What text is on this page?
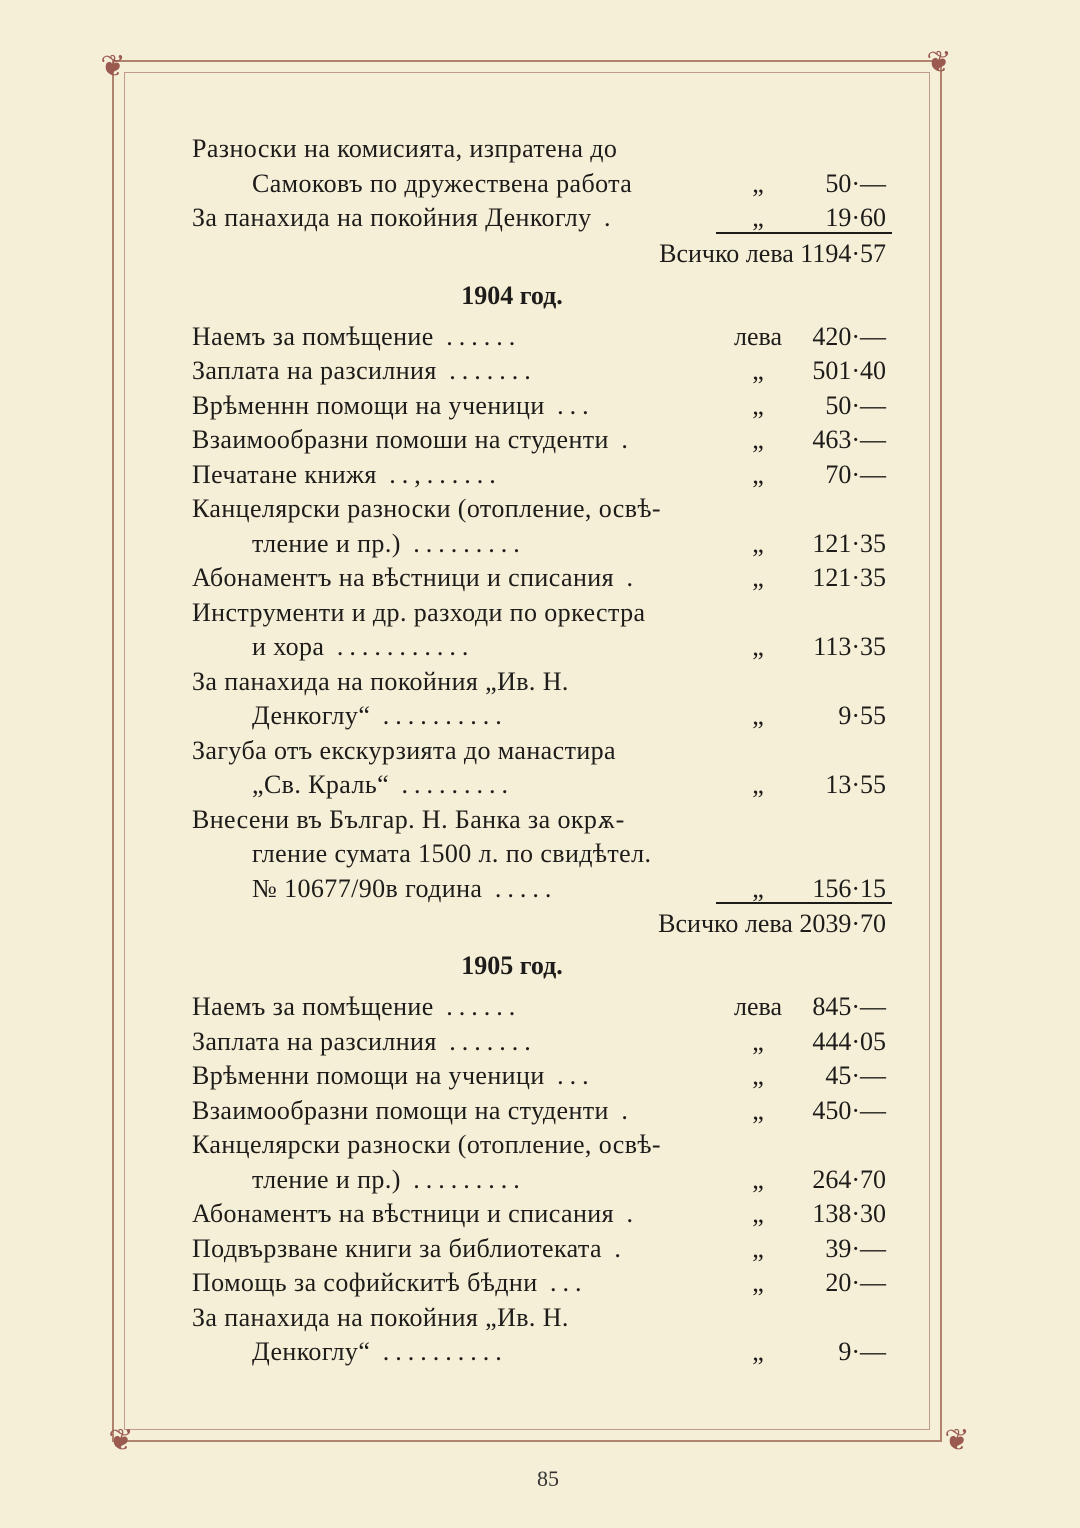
❦	❦
❦	❦
Разноски на комисията, изпратена до
Самоковъ по дружествена работа	„	50·—
За панахида на покойния Денкоглу .	„	19·60
Всичко лева 1194·57
1904 год.
Наемъ за помѣщение ......	лева	420·—
Заплата на разсилния .......	„	501·40
Врѣменнн помощи на ученици ...	„	50·—
Взаимообразни помоши на студенти .	„	463·—
Печатане книжя ..,......	„	70·—
Канцелярски разноски (отопление, освѣ-
тление и пр.) .........	„	121·35
Абонаментъ на вѣстници и списания .	„	121·35
Инструменти и др. разходи по оркестра
и хора ...........	„	113·35
За панахида на покойния „Ив. Н.
Денкоглу“ ..........	„	9·55
Загуба отъ екскурзията до манастира
„Св. Краль“ .........	„	13·55
Внесени въ Българ. Н. Банка за окрѫ-
гление сумата 1500 л. по свидѣтел.
№ 10677/90в година .....	„	156·15
Всичко лева 2039·70
1905 год.
Наемъ за помѣщение ......	лева	845·—
Заплата на разсилния .......	„	444·05
Врѣменни помощи на ученици ...	„	45·—
Взаимообразни помощи на студенти .	„	450·—
Канцелярски разноски (отопление, освѣ-
тление и пр.) .........	„	264·70
Абонаментъ на вѣстници и списания .	„	138·30
Подвързване книги за библиотеката .	„	39·—
Помощь за софийскитѣ бѣдни ...	„	20·—
За панахида на покойния „Ив. Н.
Денкоглу“ ..........	„	9·—
85
